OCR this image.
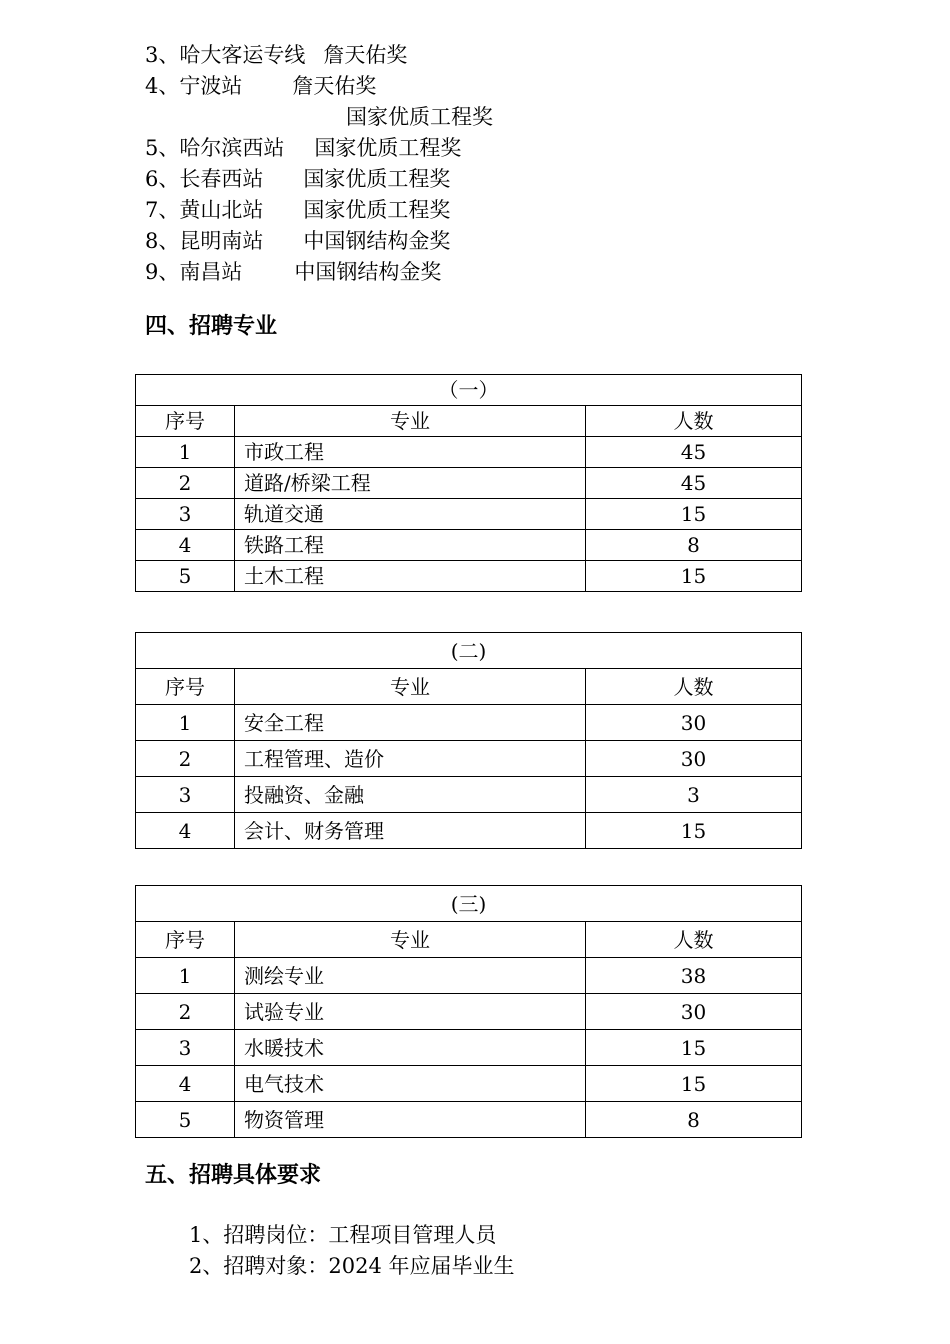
3、哈大客运专线 詹天佑奖
4、宁波站 詹天佑奖
国家优质工程奖
5、哈尔滨西站 国家优质工程奖
6、长春西站 国家优质工程奖
7、黄山北站 国家优质工程奖
8、昆明南站 中国钢结构金奖
9、南昌站 中国钢结构金奖
四、招聘专业
（一）		
序号	专业	人数
1	市政工程	45
2	道路/桥梁工程	45
3	轨道交通	15
4	铁路工程	8
5	土木工程	15
(二)		
序号	专业	人数
1	安全工程	30
2	工程管理、造价	30
3	投融资、金融	3
4	会计、财务管理	15
(三)		
序号	专业	人数
1	测绘专业	38
2	试验专业	30
3	水暖技术	15
4	电气技术	15
5	物资管理	8
五、招聘具体要求
1、招聘岗位：工程项目管理人员
2、招聘对象：2024 年应届毕业生
